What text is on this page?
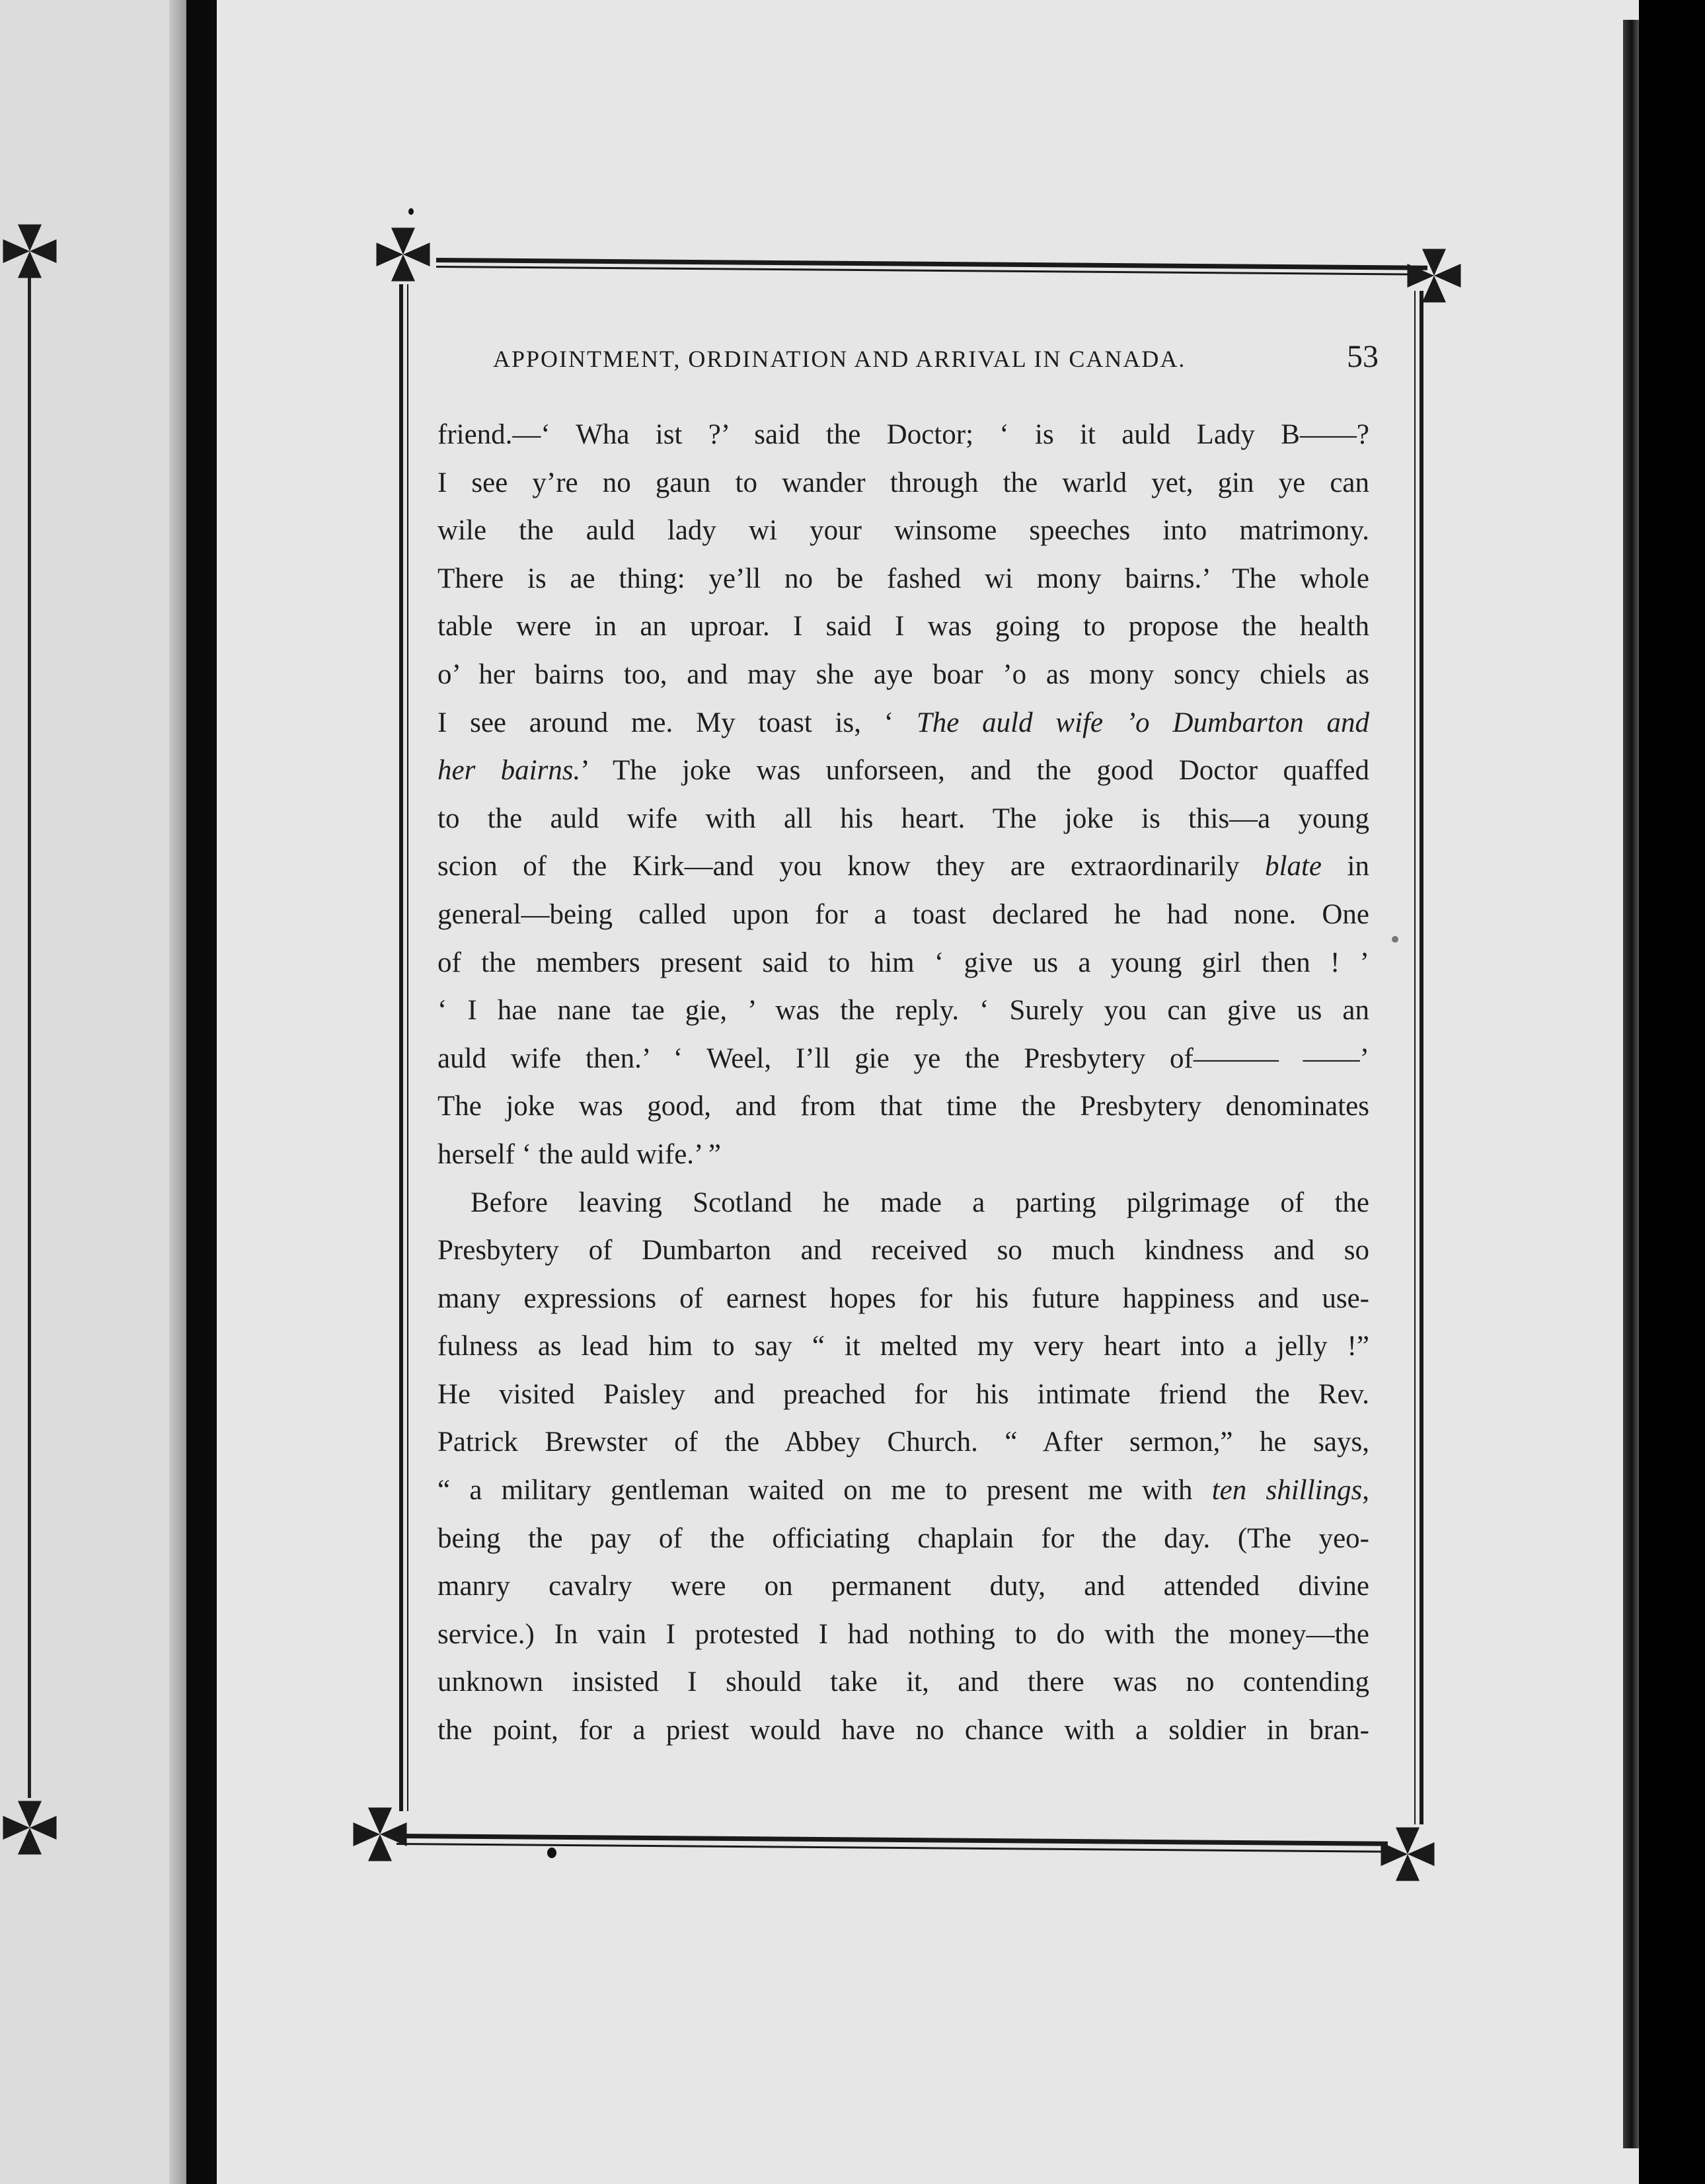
APPOINTMENT, ORDINATION AND ARRIVAL IN CANADA.	53
friend.—‘ Wha ist ?’ said the Doctor; ‘ is it auld Lady B——?
I see y’re no gaun to wander through the warld yet, gin ye can
wile the auld lady wi your winsome speeches into matrimony.
There is ae thing: ye’ll no be fashed wi mony bairns.’ The whole
table were in an uproar. I said I was going to propose the health
o’ her bairns too, and may she aye boar ’o as mony soncy chiels as
I see around me. My toast is, ‘ The auld wife ’o Dumbarton and
her bairns.’ The joke was unforseen, and the good Doctor quaffed
to the auld wife with all his heart. The joke is this—a young
scion of the Kirk—and you know they are extraordinarily blate in
general—being called upon for a toast declared he had none. One
of the members present said to him ‘ give us a young girl then ! ’
‘ I hae nane tae gie, ’ was the reply. ‘ Surely you can give us an
auld wife then.’ ‘ Weel, I’ll gie ye the Presbytery of——— ——’
The joke was good, and from that time the Presbytery denominates
herself ‘ the auld wife.’ ”
Before leaving Scotland he made a parting pilgrimage of the
Presbytery of Dumbarton and received so much kindness and so
many expressions of earnest hopes for his future happiness and use-
fulness as lead him to say “ it melted my very heart into a jelly !”
He visited Paisley and preached for his intimate friend the Rev.
Patrick Brewster of the Abbey Church. “ After sermon,” he says,
“ a military gentleman waited on me to present me with ten shillings,
being the pay of the officiating chaplain for the day. (The yeo-
manry cavalry were on permanent duty, and attended divine
service.) In vain I protested I had nothing to do with the money—the
unknown insisted I should take it, and there was no contending
the point, for a priest would have no chance with a soldier in bran-
